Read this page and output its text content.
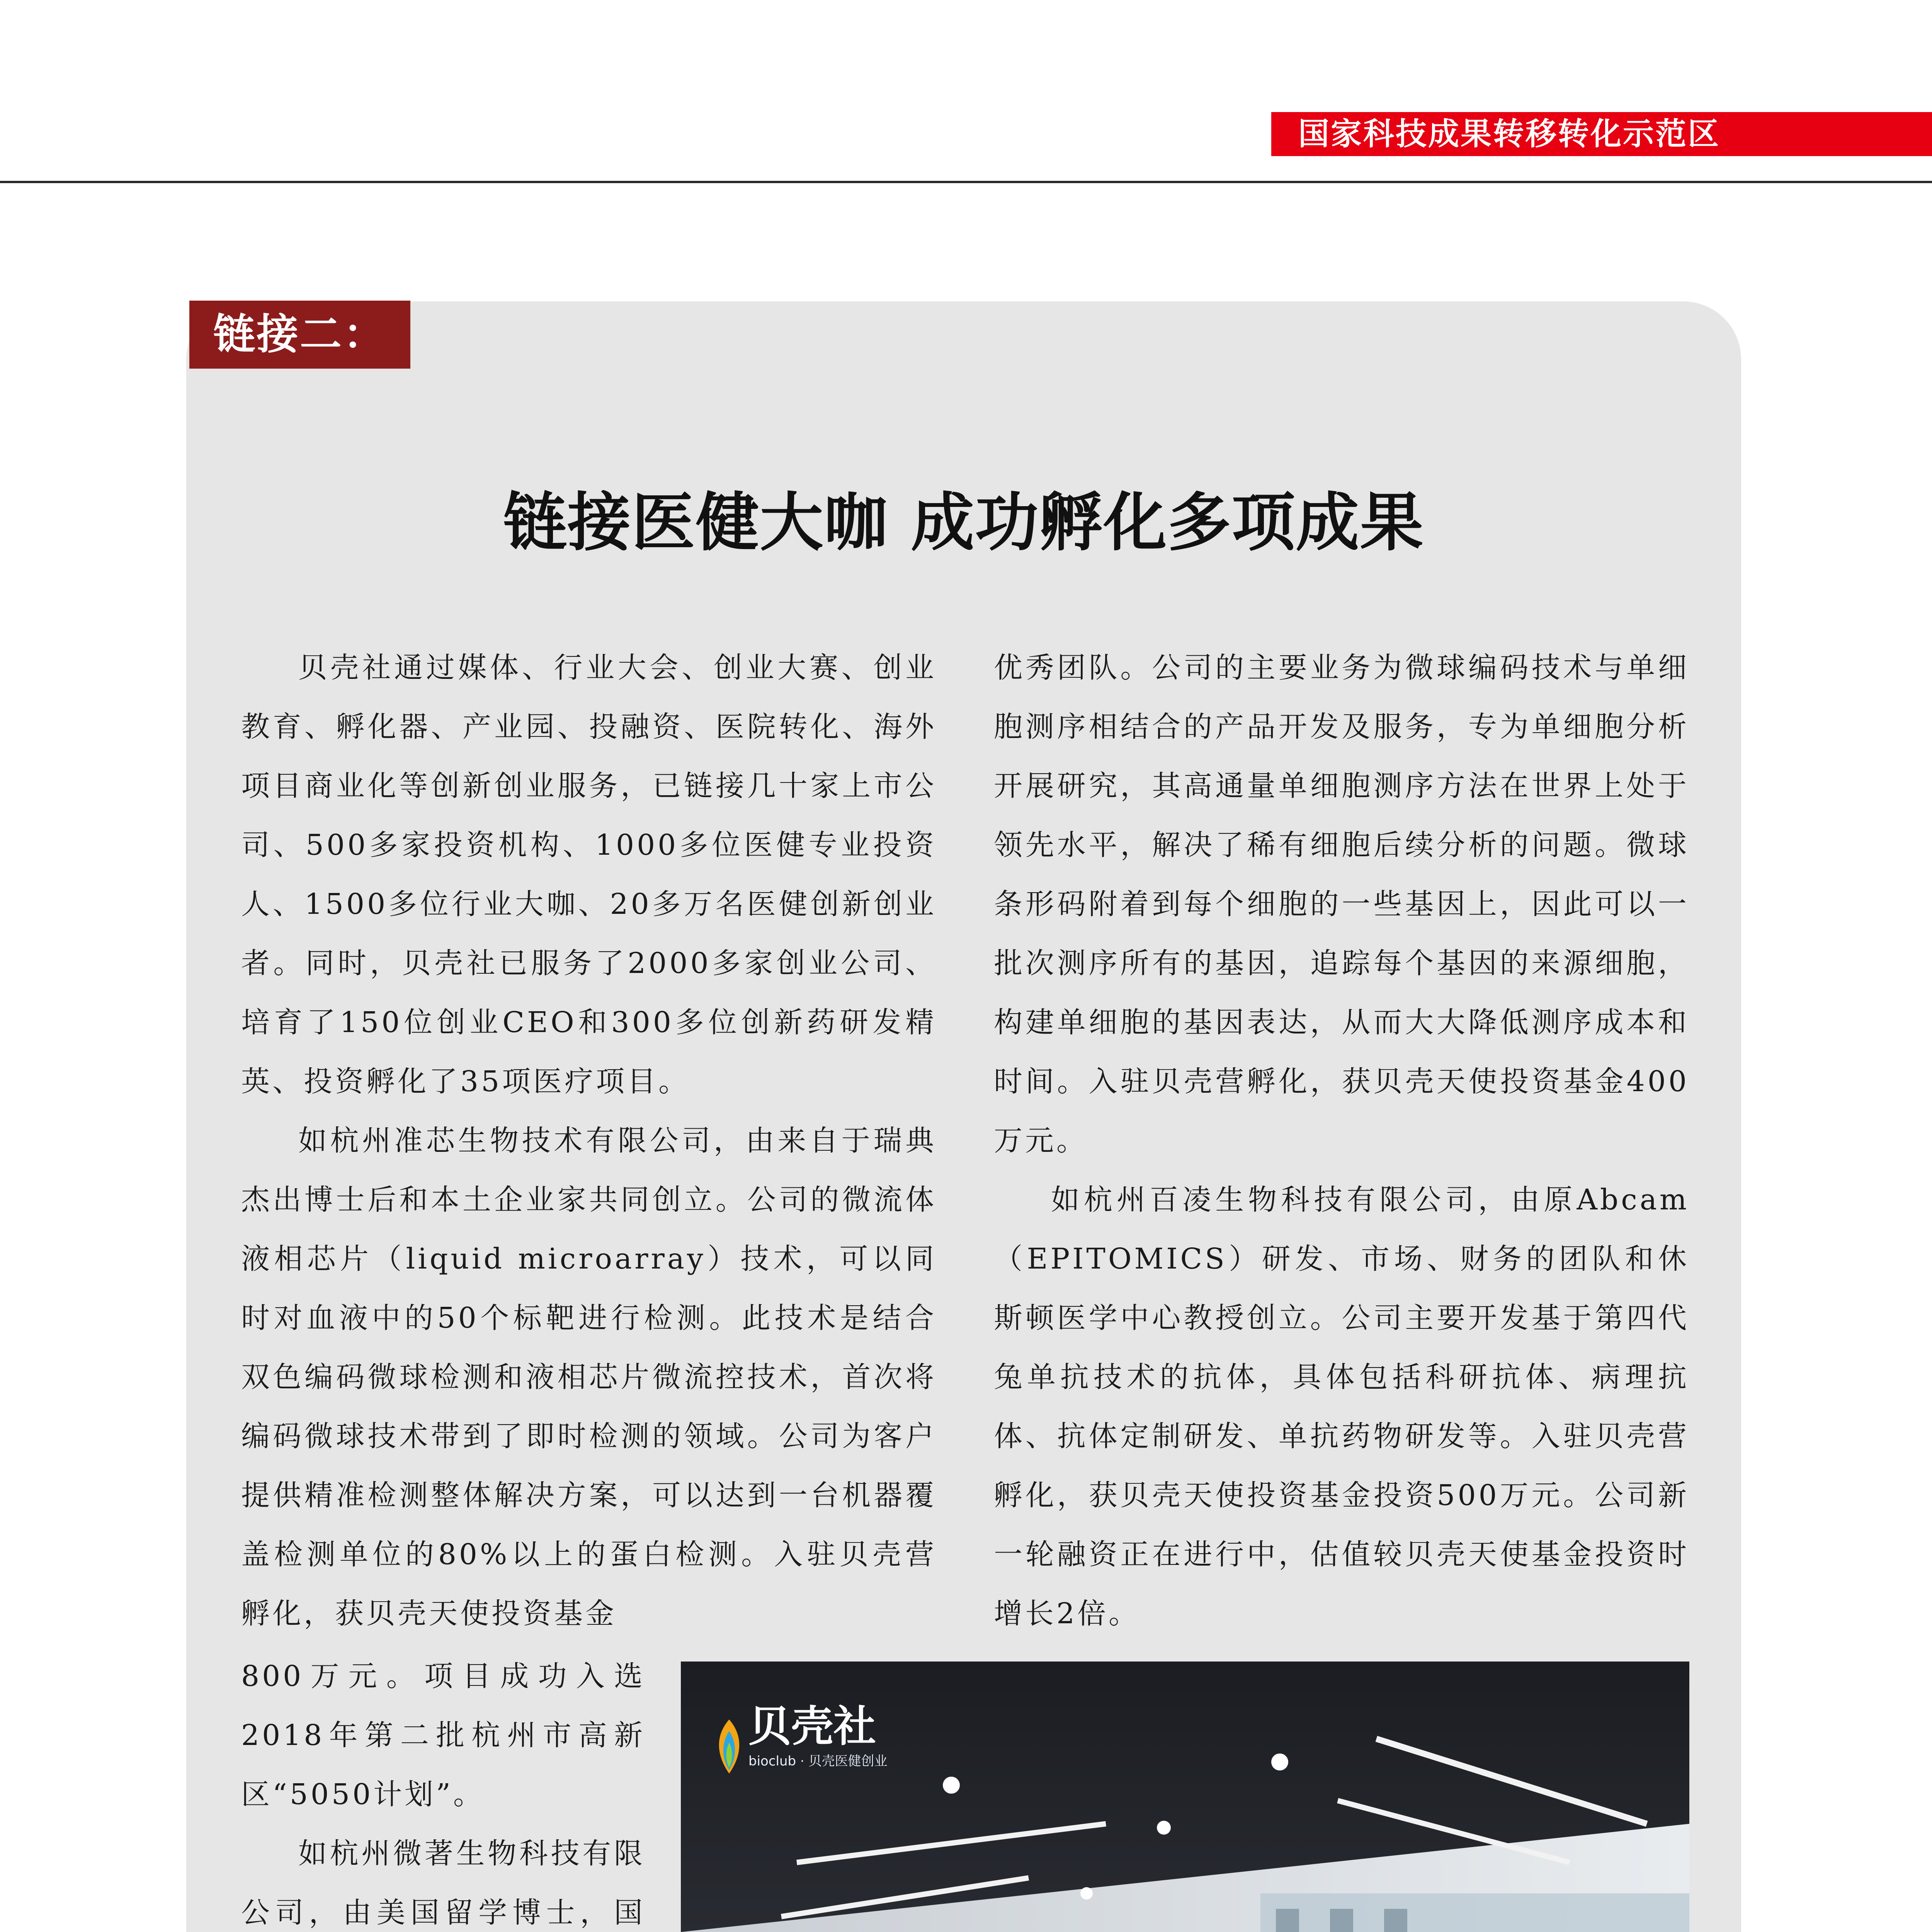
国家科技成果转移转化示范区
链接二：
链接医健大咖 成功孵化多项成果

贝壳社通过媒体、行业大会、创业大赛、创业教育、孵化器、产业园、投融资、医院转化、海外项目商业化等创新创业服务，已链接几十家上市公司、500多家投资机构、1000多位医健专业投资人、1500多位行业大咖、20多万名医健创新创业者。同时，贝壳社已服务了2000多家创业公司、培育了150位创业CEO和300多位创新药研发精英、投资孵化了35项医疗项目。

如杭州准芯生物技术有限公司，由来自于瑞典杰出博士后和本土企业家共同创立。公司的微流体液相芯片（liquid microarray）技术，可以同时对血液中的50个标靶进行检测。此技术是结合双色编码微球检测和液相芯片微流控技术，首次将编码微球技术带到了即时检测的领域。公司为客户提供精准检测整体解决方案，可以达到一台机器覆盖检测单位的80%以上的蛋白检测。入驻贝壳营孵化，获贝壳天使投资基金

优秀团队。公司的主要业务为微球编码技术与单细胞测序相结合的产品开发及服务，专为单细胞分析开展研究，其高通量单细胞测序方法在世界上处于领先水平，解决了稀有细胞后续分析的问题。微球条形码附着到每个细胞的一些基因上，因此可以一批次测序所有的基因，追踪每个基因的来源细胞，构建单细胞的基因表达，从而大大降低测序成本和时间。入驻贝壳营孵化，获贝壳天使投资基金400万元。

如杭州百凌生物科技有限公司，由原Abcam（EPITOMICS）研发、市场、财务的团队和休斯顿医学中心教授创立。公司主要开发基于第四代兔单抗技术的抗体，具体包括科研抗体、病理抗体、抗体定制研发、单抗药物研发等。入驻贝壳营孵化，获贝壳天使投资基金投资500万元。公司新一轮融资正在进行中，估值较贝壳天使基金投资时增长2倍。

800万元。项目成功入选2018年第二批杭州市高新区“5050计划”。

如杭州微著生物科技有限公司，由美国留学博士，国

贝壳社
bioclub · 贝壳医健创业
